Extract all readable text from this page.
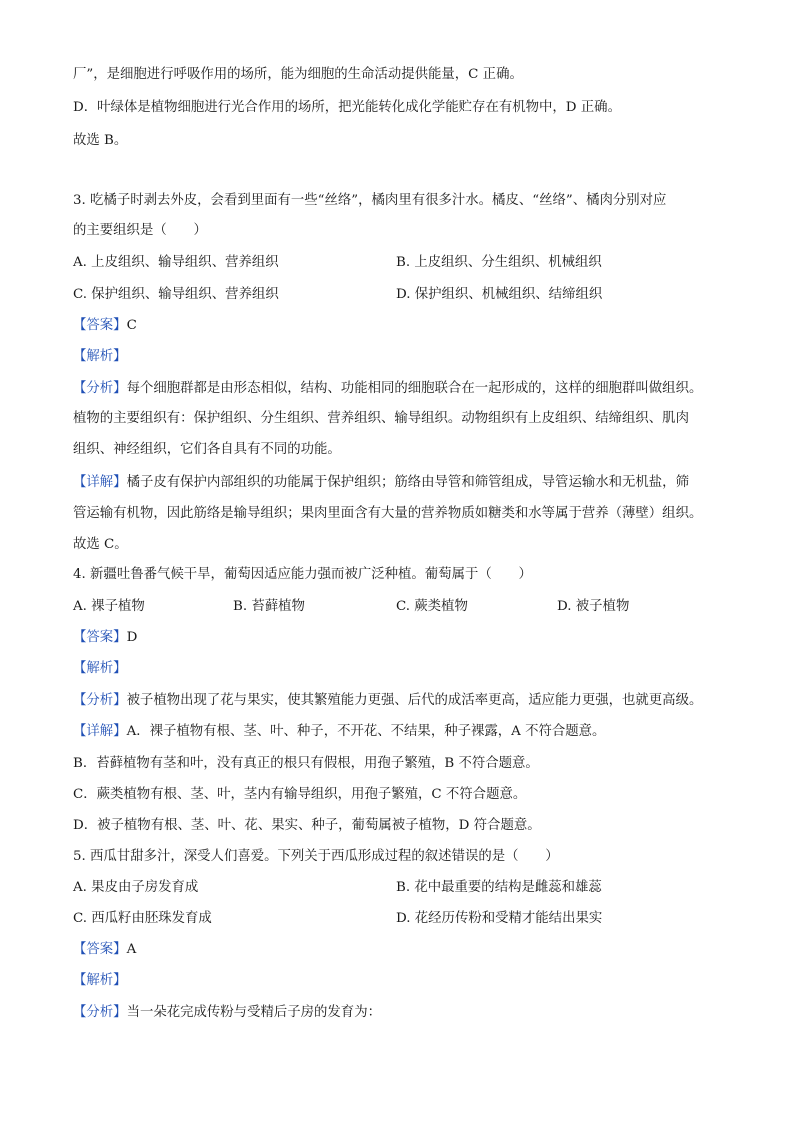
厂”，是细胞进行呼吸作用的场所，能为细胞的生命活动提供能量，C 正确。
D．叶绿体是植物细胞进行光合作用的场所，把光能转化成化学能贮存在有机物中，D 正确。
故选 B。
3. 吃橘子时剥去外皮，会看到里面有一些“丝络”，橘肉里有很多汁水。橘皮、“丝络”、橘肉分别对应
的主要组织是（　　）
A. 上皮组织、输导组织、营养组织	B. 上皮组织、分生组织、机械组织
C. 保护组织、输导组织、营养组织	D. 保护组织、机械组织、结缔组织
【答案】C
【解析】
【分析】每个细胞群都是由形态相似，结构、功能相同的细胞联合在一起形成的，这样的细胞群叫做组织。
植物的主要组织有：保护组织、分生组织、营养组织、输导组织。动物组织有上皮组织、结缔组织、肌肉
组织、神经组织，它们各自具有不同的功能。
【详解】橘子皮有保护内部组织的功能属于保护组织；筋络由导管和筛管组成，导管运输水和无机盐，筛
管运输有机物，因此筋络是输导组织；果肉里面含有大量的营养物质如糖类和水等属于营养（薄壁）组织。
故选 C。
4. 新疆吐鲁番气候干旱，葡萄因适应能力强而被广泛种植。葡萄属于（　　）
A. 裸子植物	B. 苔藓植物	C. 蕨类植物	D. 被子植物
【答案】D
【解析】
【分析】被子植物出现了花与果实，使其繁殖能力更强、后代的成活率更高，适应能力更强，也就更高级。
【详解】A．裸子植物有根、茎、叶、种子，不开花、不结果，种子裸露，A 不符合题意。
B．苔藓植物有茎和叶，没有真正的根只有假根，用孢子繁殖，B 不符合题意。
C．蕨类植物有根、茎、叶，茎内有输导组织，用孢子繁殖，C 不符合题意。
D．被子植物有根、茎、叶、花、果实、种子，葡萄属被子植物，D 符合题意。
5. 西瓜甘甜多汁，深受人们喜爱。下列关于西瓜形成过程的叙述错误的是（　　）
A. 果皮由子房发育成	B. 花中最重要的结构是雌蕊和雄蕊
C. 西瓜籽由胚珠发育成	D. 花经历传粉和受精才能结出果实
【答案】A
【解析】
【分析】当一朵花完成传粉与受精后子房的发育为：
